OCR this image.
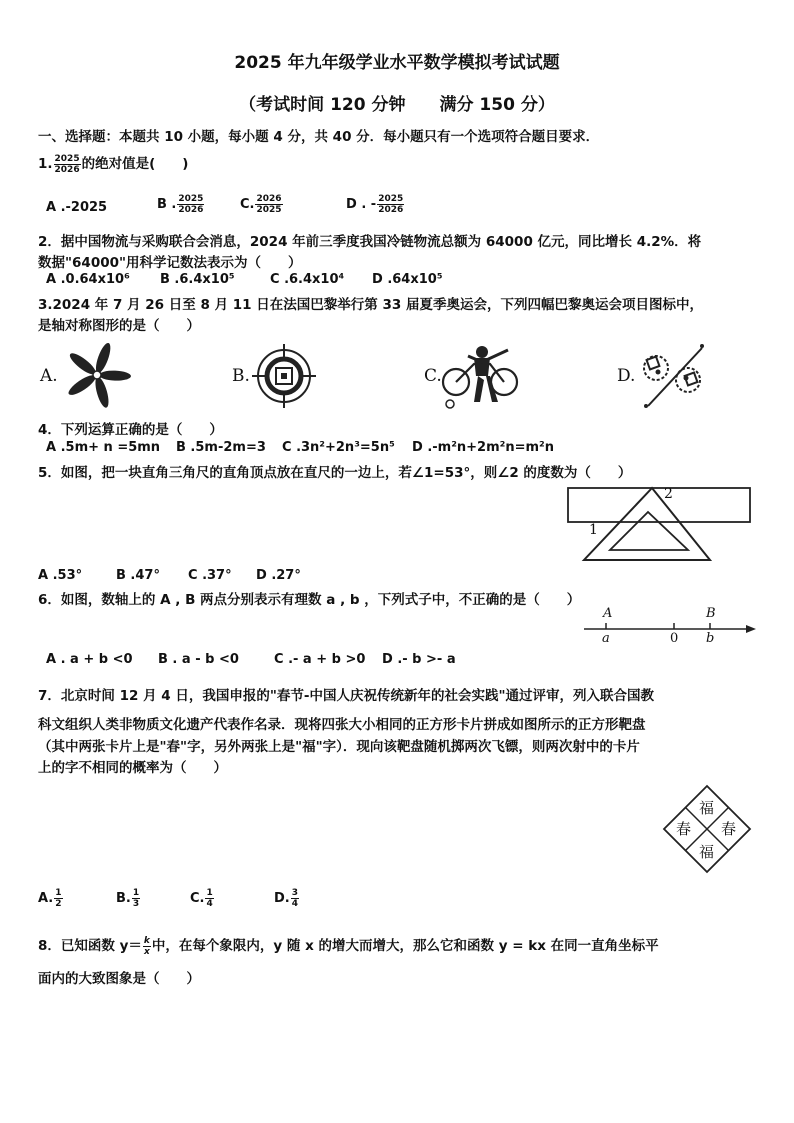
2025 年九年级学业水平数学模拟考试试题
（考试时间 120 分钟　　满分 150 分）
一、选择题：本题共 10 小题，每小题 4 分，共 40 分．每小题只有一个选项符合题目要求．
1. $\frac{2025}{2026}$ 的绝对值是(　　)
A .-2025	B . $\frac{2025}{2026}$	C. $\frac{2026}{2025}$	D . - $\frac{2025}{2026}$
2．据中国物流与采购联合会消息，2024 年前三季度我国冷链物流总额为 64000 亿元，同比增长 4.2%．将
数据"64000"用科学记数法表示为（　　）
A .0.64x10⁶ B .6.4x10⁵	C .6.4x10⁴ D .64x10⁵
3.2024 年 7 月 26 日至 8 月 11 日在法国巴黎举行第 33 届夏季奥运会，下列四幅巴黎奥运会项目图标中，
是轴对称图形的是（　　）
A.	B.	C.	D.
4．下列运算正确的是（　　）
A .5m+ n =5mn B .5m-2m=3 C .3n²+2n³=5n⁵ D .-m²n+2m²n=m²n
5．如图，把一块直角三角尺的直角顶点放在直尺的一边上，若∠1=53°，则∠2 的度数为（　　）
2
1
A .53°	B .47° C .37° D .27°
6．如图，数轴上的 A , B 两点分别表示有理数 a , b ，下列式子中，不正确的是（　　）
A	B
a	0 b
A . a + b <0 B . a - b <0	C .- a + b >0 D .- b >- a
7．北京时间 12 月 4 日，我国申报的"春节-中国人庆祝传统新年的社会实践"通过评审，列入联合国教
科文组织人类非物质文化遗产代表作名录．现将四张大小相同的正方形卡片拼成如图所示的正方形靶盘
（其中两张卡片上是"春"字，另外两张上是"福"字）．现向该靶盘随机掷两次飞镖，则两次射中的卡片
上的字不相同的概率为（　　）
福
春 春
福
A. $\frac{1}{2}$	B. $\frac{1}{3}$	C. $\frac{1}{4}$	D. $\frac{3}{4}$
8．已知函数 $y= \frac{k}{x}$ 中，在每个象限内，y 随 x 的增大而增大，那么它和函数 y = kx 在同一直角坐标平
面内的大致图象是（　　）
